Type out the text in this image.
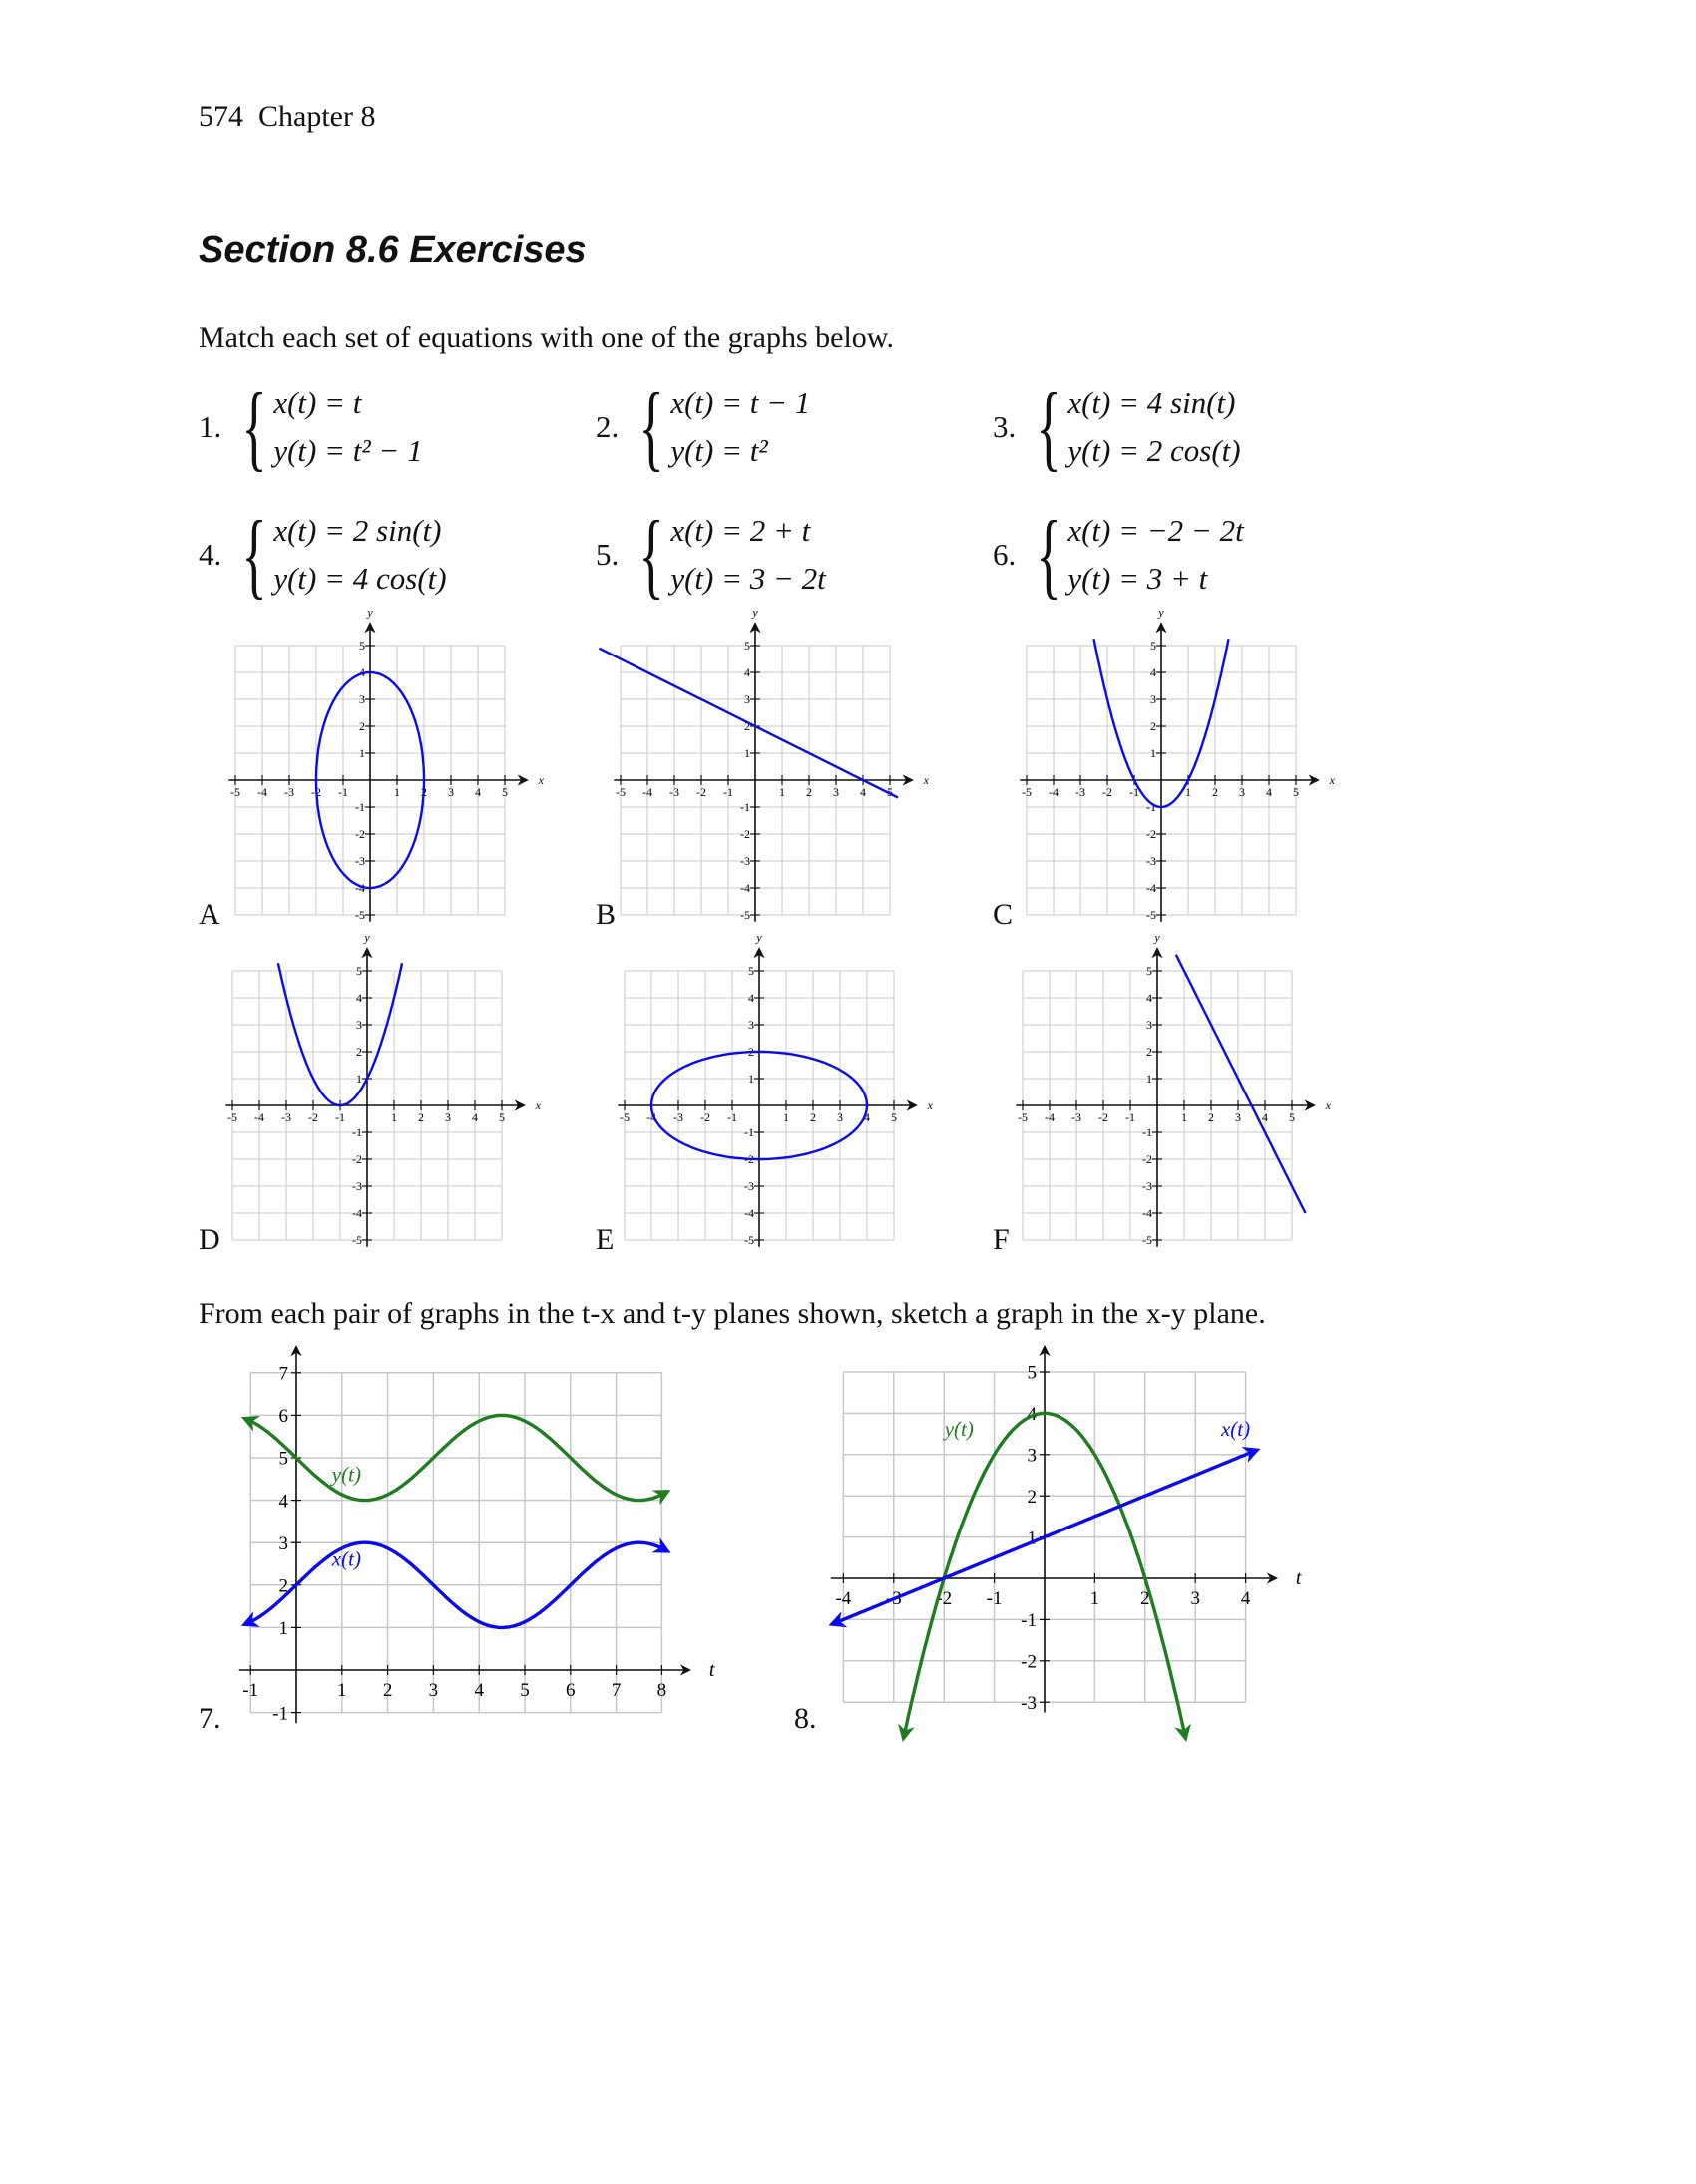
574 Chapter 8
Section 8.6 Exercises
Match each set of equations with one of the graphs below.
1. { x(t) = t
y(t) = t² − 1
2. { x(t) = t − 1
y(t) = t²
3. { x(t) = 4 sin(t)
y(t) = 2 cos(t)
4. { x(t) = 2 sin(t)
y(t) = 4 cos(t)
5. { x(t) = 2 + t
y(t) = 3 − 2t
6. { x(t) = −2 − 2t
y(t) = 3 + t
A	B	C
D	E	F
From each pair of graphs in the t-x and t-y planes shown, sketch a graph in the x-y plane.
7.	8.
-5 -4 -3 -2 -1	1 2 3 4 5
-5
-4
-3
-2
-1
1
2
3
4
5
x
y
-5 -4 -3 -2 -1	1 2 3 4 5
-5
-4
-3
-2
-1
1
2
3
4
5
x
y
-5 -4 -3 -2 -1	1 2 3 4 5
-5
-4
-3
-2
-1
1
2
3
4
5
x
y
-5 -4 -3 -2 -1	1 2 3 4 5
-5
-4
-3
-2
-1
1
2
3
4
5
x
y
-5 -4 -3 -2 -1	1 2 3 4 5
-5
-4
-3
-2
-1
1
2
3
4
5
x
y
-5 -4 -3 -2 -1	1 2 3 4 5
-5
-4
-3
-2
-1
1
2
3
4
5
x
y
-1	1 2 3 4 5 6 7 8
-1
1
2
3
4
5
6
7
t
y(t)
x(t)
-4 -3 -2 -1	1 2 3 4
-3
-2
-1
1
2
3
4
5
t
y(t)	x(t)
